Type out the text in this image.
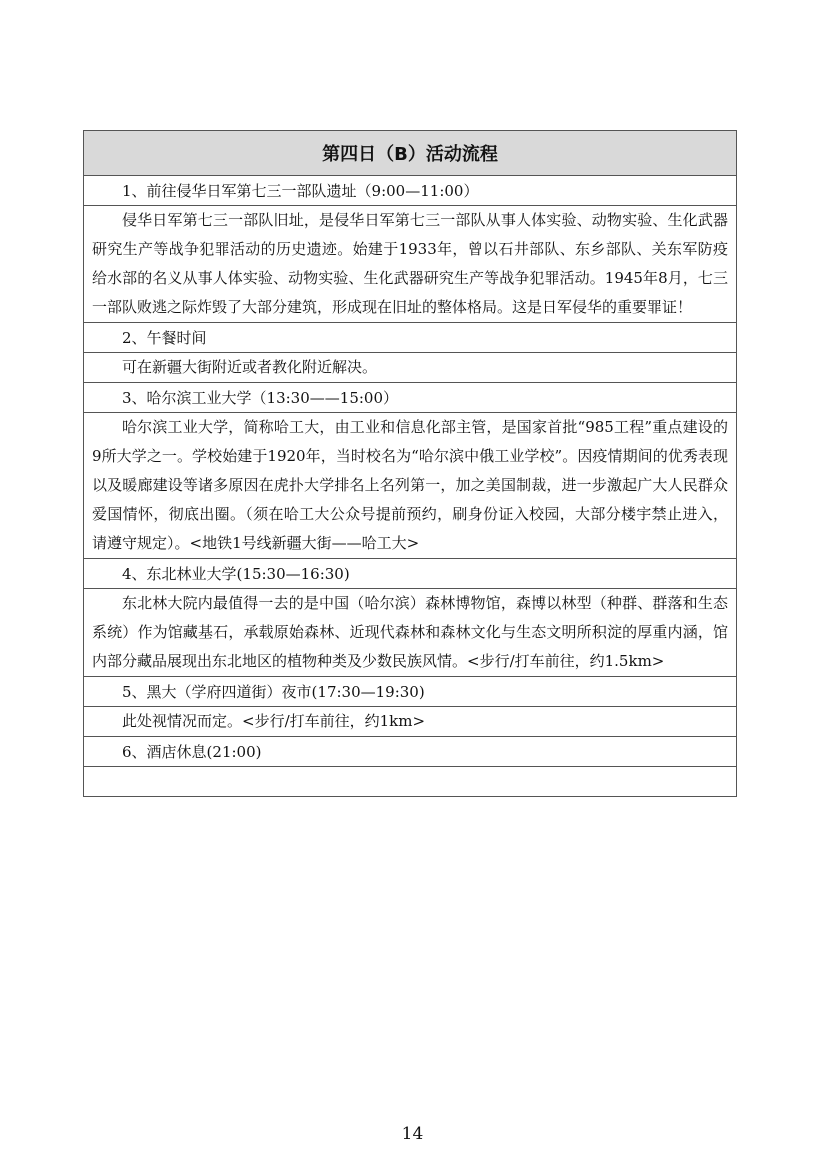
第四日（B）活动流程
1、前往侵华日军第七三一部队遗址（9:00—11:00）
侵华日军第七三一部队旧址，是侵华日军第七三一部队从事人体实验、动物实验、生化武器研究生产等战争犯罪活动的历史遗迹。始建于1933年，曾以石井部队、东乡部队、关东军防疫给水部的名义从事人体实验、动物实验、生化武器研究生产等战争犯罪活动。1945年8月，七三一部队败逃之际炸毁了大部分建筑，形成现在旧址的整体格局。这是日军侵华的重要罪证！
2、午餐时间
可在新疆大街附近或者教化附近解决。
3、哈尔滨工业大学（13:30——15:00）
哈尔滨工业大学，简称哈工大，由工业和信息化部主管，是国家首批“985工程”重点建设的9所大学之一。学校始建于1920年，当时校名为“哈尔滨中俄工业学校”。因疫情期间的优秀表现以及暖廊建设等诸多原因在虎扑大学排名上名列第一，加之美国制裁，进一步激起广大人民群众爱国情怀，彻底出圈。（须在哈工大公众号提前预约，刷身份证入校园，大部分楼宇禁止进入，请遵守规定）。<地铁1号线新疆大街——哈工大>
4、东北林业大学(15:30—16:30)
东北林大院内最值得一去的是中国（哈尔滨）森林博物馆，森博以林型（种群、群落和生态系统）作为馆藏基石，承载原始森林、近现代森林和森林文化与生态文明所积淀的厚重内涵，馆内部分藏品展现出东北地区的植物种类及少数民族风情。<步行/打车前往，约1.5km>
5、黑大（学府四道街）夜市(17:30—19:30)
此处视情况而定。<步行/打车前往，约1km>
6、酒店休息(21:00)

14
